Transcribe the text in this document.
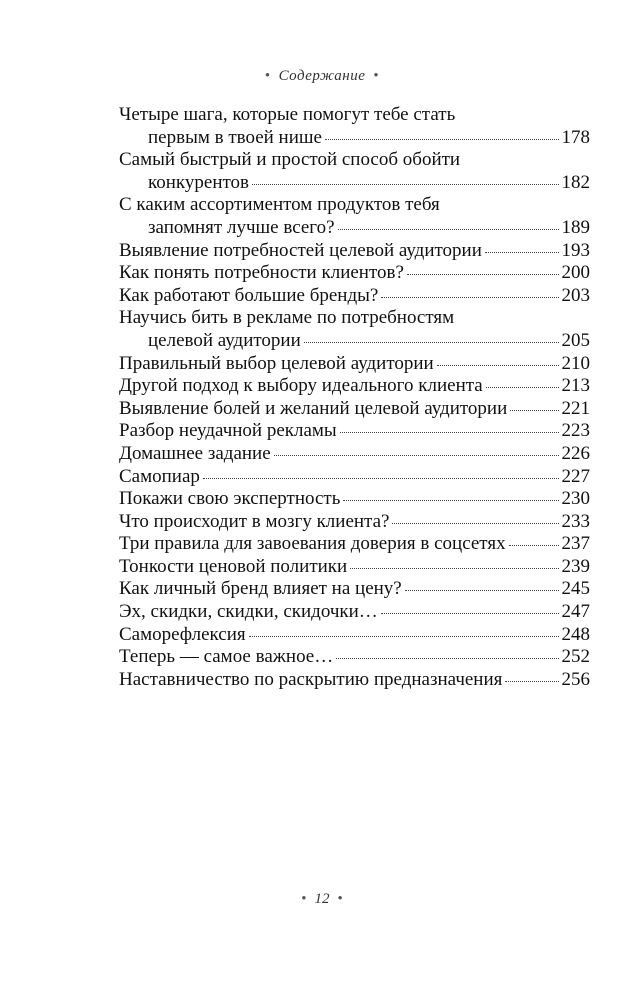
• Содержание •
Четыре шага, которые помогут тебе стать
первым в твоей нише	178
Самый быстрый и простой способ обойти
конкурентов	182
С каким ассортиментом продуктов тебя
запомнят лучше всего?	189
Выявление потребностей целевой аудитории	193
Как понять потребности клиентов?	200
Как работают большие бренды?	203
Научись бить в рекламе по потребностям
целевой аудитории	205
Правильный выбор целевой аудитории	210
Другой подход к выбору идеального клиента	213
Выявление болей и желаний целевой аудитории	221
Разбор неудачной рекламы	223
Домашнее задание	226
Самопиар	227
Покажи свою экспертность	230
Что происходит в мозгу клиента?	233
Три правила для завоевания доверия в соцсетях	237
Тонкости ценовой политики	239
Как личный бренд влияет на цену?	245
Эх, скидки, скидки, скидочки…	247
Саморефлексия	248
Теперь — самое важное…	252
Наставничество по раскрытию предназначения	256
• 12 •
